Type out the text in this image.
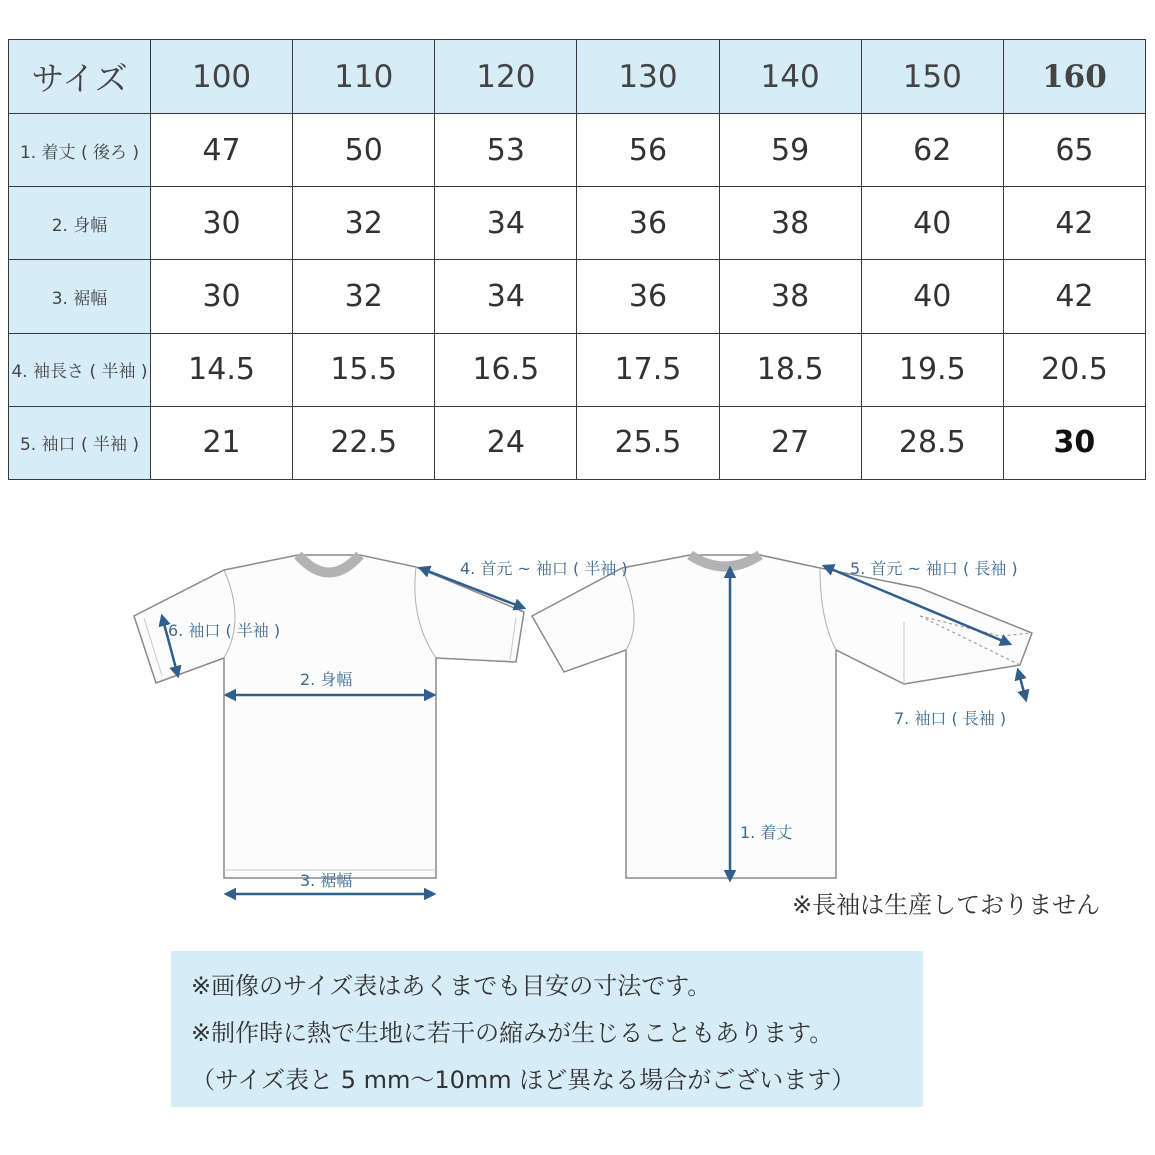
サイズ	100	110	120	130	140	150	160
1. 着丈 ( 後ろ )	47	50	53	56	59	62	65
2. 身幅	30	32	34	36	38	40	42
3. 裾幅	30	32	34	36	38	40	42
4. 袖長さ ( 半袖 )	14.5	15.5	16.5	17.5	18.5	19.5	20.5
5. 袖口 ( 半袖 )	21	22.5	24	25.5	27	28.5	30
4. 首元 ~ 袖口 ( 半袖 )
6. 袖口 ( 半袖 )
2. 身幅
3. 裾幅
5. 首元 ~ 袖口 ( 長袖 )
7. 袖口 ( 長袖 )
1. 着丈
※長袖は生産しておりません
※画像のサイズ表はあくまでも目安の寸法です。
※制作時に熱で生地に若干の縮みが生じることもあります。
（サイズ表と 5 mm〜10mm ほど異なる場合がございます）
